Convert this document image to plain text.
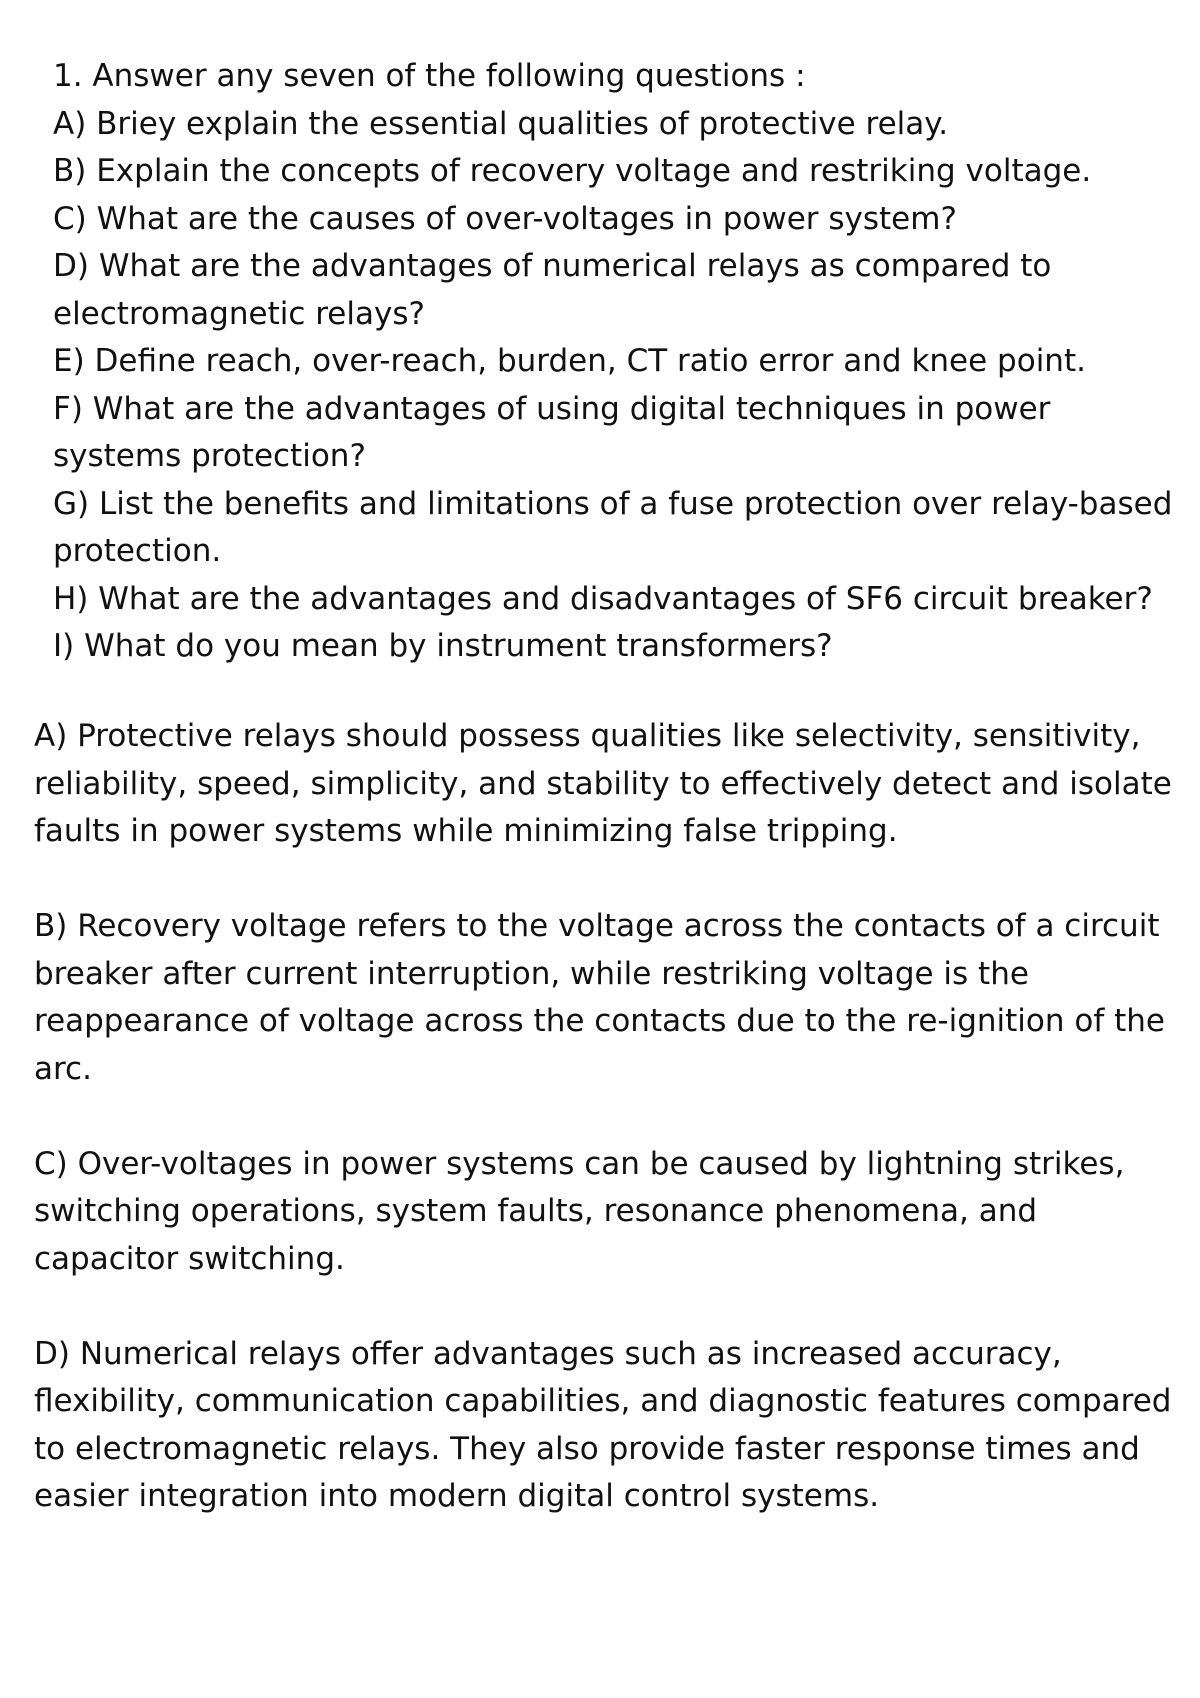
1. Answer any seven of the following questions :

A) Briey explain the essential qualities of protective relay.

B) Explain the concepts of recovery voltage and restriking voltage.

C) What are the causes of over-voltages in power system?

D) What are the advantages of numerical relays as compared to electromagnetic relays?

E) Define reach, over-reach, burden, CT ratio error and knee point.

F) What are the advantages of using digital techniques in power systems protection?

G) List the benefits and limitations of a fuse protection over relay-based protection.

H) What are the advantages and disadvantages of SF6 circuit breaker?

I) What do you mean by instrument transformers?

A) Protective relays should possess qualities like selectivity, sensitivity, reliability, speed, simplicity, and stability to effectively detect and isolate faults in power systems while minimizing false tripping.

B) Recovery voltage refers to the voltage across the contacts of a circuit breaker after current interruption, while restriking voltage is the reappearance of voltage across the contacts due to the re-ignition of the arc.

C) Over-voltages in power systems can be caused by lightning strikes, switching operations, system faults, resonance phenomena, and capacitor switching.

D) Numerical relays offer advantages such as increased accuracy, flexibility, communication capabilities, and diagnostic features compared to electromagnetic relays. They also provide faster response times and easier integration into modern digital control systems.
